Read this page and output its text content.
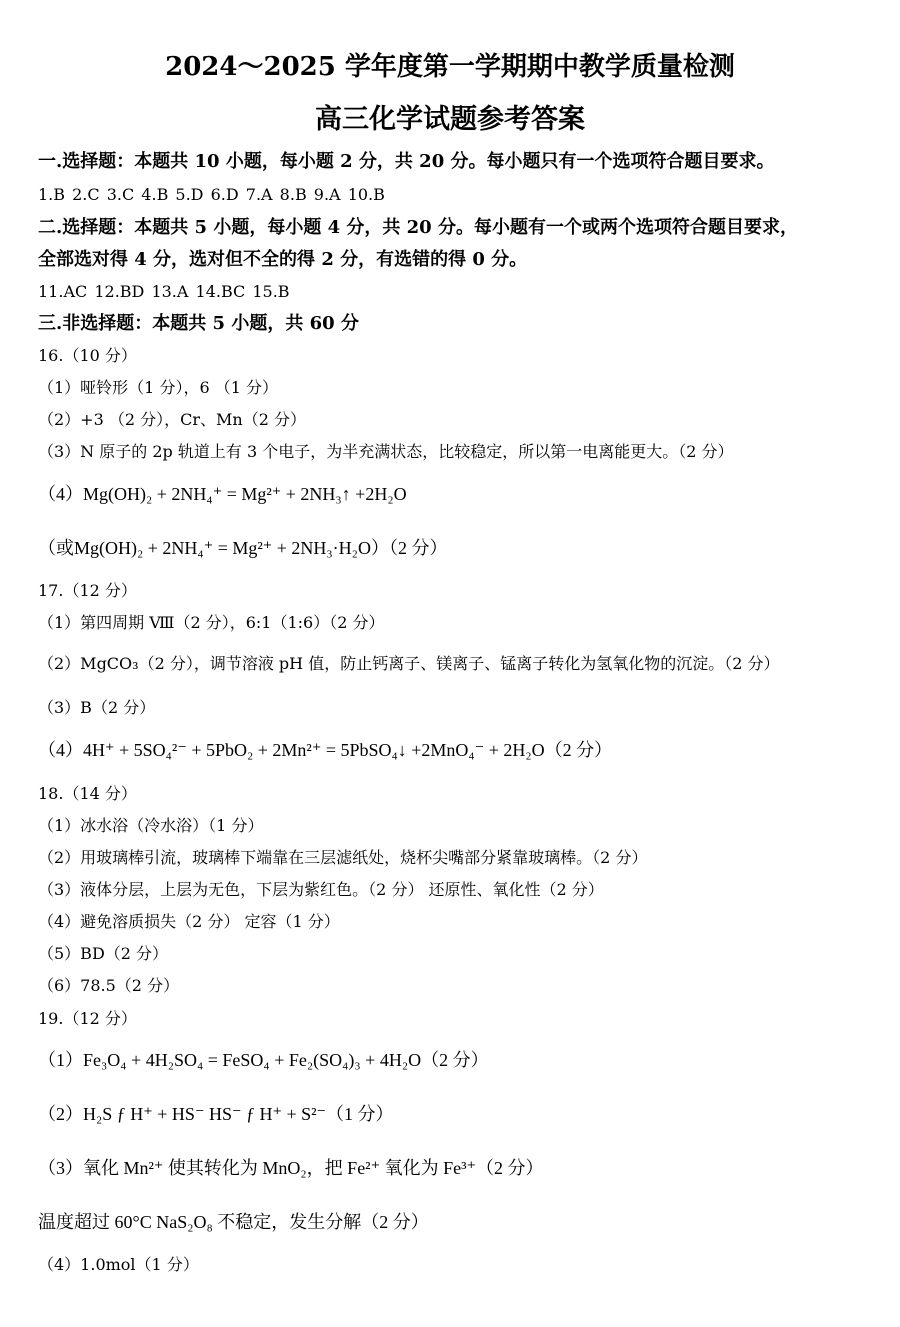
2024～2025 学年度第一学期期中教学质量检测
高三化学试题参考答案
一.选择题：本题共 10 小题，每小题 2 分，共 20 分。每小题只有一个选项符合题目要求。
1.B 2.C 3.C 4.B 5.D 6.D 7.A 8.B 9.A 10.B
二.选择题：本题共 5 小题，每小题 4 分，共 20 分。每小题有一个或两个选项符合题目要求，
全部选对得 4 分，选对但不全的得 2 分，有选错的得 0 分。
11.AC 12.BD 13.A 14.BC 15.B
三.非选择题：本题共 5 小题，共 60 分
16.（10 分）
（1）哑铃形（1 分），6 （1 分）
（2）+3 （2 分），Cr、Mn（2 分）
（3）N 原子的 2p 轨道上有 3 个电子，为半充满状态，比较稳定，所以第一电离能更大。（2 分）
（4）Mg(OH)₂ + 2NH₄⁺ = Mg²⁺ + 2NH₃↑ +2H₂O
（或Mg(OH)₂ + 2NH₄⁺ = Mg²⁺ + 2NH₃·H₂O）（2 分）
17.（12 分）
（1）第四周期 Ⅷ（2 分），6:1（1:6）（2 分）
（2）MgCO₃（2 分），调节溶液 pH 值，防止钙离子、镁离子、锰离子转化为氢氧化物的沉淀。（2 分）
（3）B（2 分）
（4）4H⁺ + 5SO₄²⁻ + 5PbO₂ + 2Mn²⁺ = 5PbSO₄↓ +2MnO₄⁻ + 2H₂O（2 分）
18.（14 分）
（1）冰水浴（冷水浴）（1 分）
（2）用玻璃棒引流，玻璃棒下端靠在三层滤纸处，烧杯尖嘴部分紧靠玻璃棒。（2 分）
（3）液体分层，上层为无色，下层为紫红色。（2 分） 还原性、氧化性（2 分）
（4）避免溶质损失（2 分） 定容（1 分）
（5）BD（2 分）
（6）78.5（2 分）
19.（12 分）
（1）Fe₃O₄ + 4H₂SO₄ = FeSO₄ + Fe₂(SO₄)₃ + 4H₂O（2 分）
（2）H₂S ƒ H⁺ + HS⁻ HS⁻ ƒ H⁺ + S²⁻（1 分）
（3）氧化 Mn²⁺ 使其转化为 MnO₂，把 Fe²⁺ 氧化为 Fe³⁺（2 分）
温度超过 60°C NaS₂O₈ 不稳定，发生分解（2 分）
（4）1.0mol（1 分）
